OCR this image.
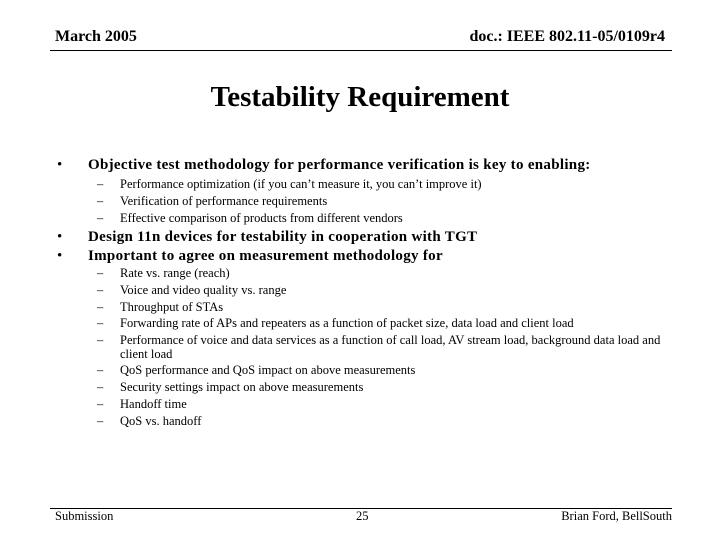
March 2005	doc.: IEEE 802.11-05/0109r4
Testability Requirement
• Objective test methodology for performance verification is key to enabling:
– Performance optimization (if you can’t measure it, you can’t improve it)
– Verification of performance requirements
– Effective comparison of products from different vendors
• Design 11n devices for testability in cooperation with TGT
• Important to agree on measurement methodology for
– Rate vs. range (reach)
– Voice and video quality vs. range
– Throughput of STAs
– Forwarding rate of APs and repeaters as a function of packet size, data load and client load
– Performance of voice and data services as a function of call load, AV stream load, background data load and client load
– QoS performance and QoS impact on above measurements
– Security settings impact on above measurements
– Handoff time
– QoS vs. handoff
Submission	25	Brian Ford, BellSouth
